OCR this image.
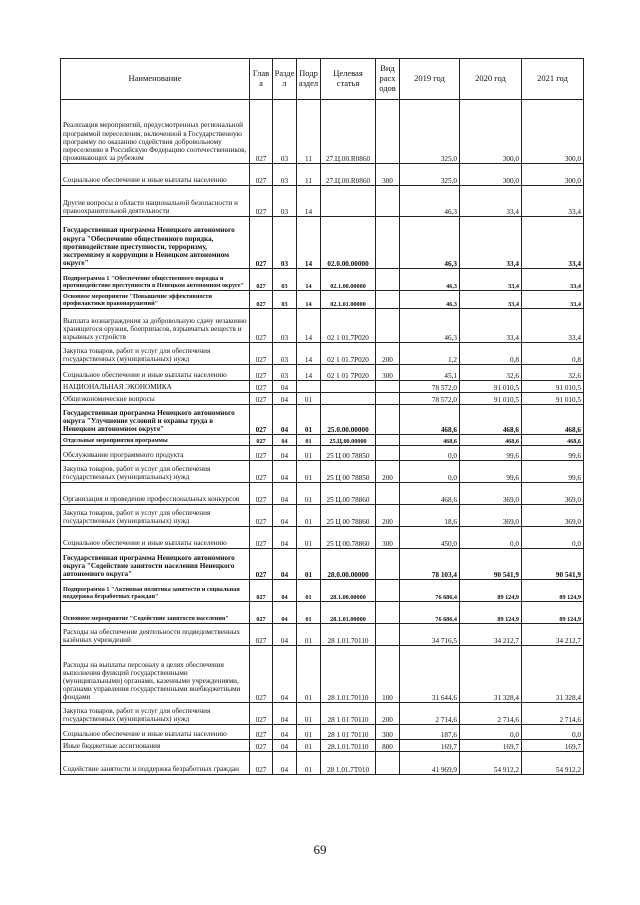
Наименование	Глав а	Разде л	Подр аздел	Целевая статья	Вид расх одов	2019 год	2020 год	2021 год
Реализация мероприятий, предусмотренных региональной программой переселения, включенной в Государственную программу по оказанию содействия добровольному переселению в Российскую Федерацию соотечественников, проживающих за рубежом	027	03	11	27.Ц.00.R0860		325,0	300,0	300,0
Социальное обеспечение и иные выплаты населению	027	03	11	27.Ц.00.R0860	300	325,0	300,0	300,0
Другие вопросы в области национальной безопасности и правоохранительной деятельности	027	03	14			46,3	33,4	33,4
Государственная программа Ненецкого автономного округа "Обеспечение общественного порядка, противодействие преступности, терроризму, экстремизму и коррупции в Ненецком автономном округе"	027	03	14	02.0.00.00000		46,3	33,4	33,4
Подпрограмма 1 "Обеспечение общественного порядка и противодействие преступности в Ненецком автономном округе"	027	03	14	02.1.00.00000		46,3	33,4	33,4
Основное мероприятие "Повышение эффективности профилактики правонарушений"	027	03	14	02.1.01.00000		46,3	33,4	33,4
Выплата вознаграждения за добровольную сдачу незаконно хранящегося оружия, боеприпасов, взрывчатых веществ и взрывных устройств	027	03	14	02 1 01.7Р020		46,3	33,4	33,4
Закупка товаров, работ и услуг для обеспечения государственных (муниципальных) нужд	027	03	14	02 1 01.7Р020	200	1,2	0,8	0,8
Социальное обеспечение и иные выплаты населению	027	03	14	02 1 01 7Р020	300	45,1	32,6	32,6
НАЦИОНАЛЬНАЯ ЭКОНОМИКА	027	04				78 572,0	91 010,5	91 010,5
Общеэкономические вопросы	027	04	01			78 572,0	91 010,5	91 010,5
Государственная программа Ненецкого автономного округа "Улучшение условий и охраны труда в Ненецком автономном округе"	027	04	01	25.0.00.00000		468,6	468,6	468,6
Отдельные мероприятия программы	027	04	01	25.Ц.00.00000		468,6	468,6	468,6
Обслуживание программного продукта	027	04	01	25 Ц 00 78850		0,0	99,6	99,6
Закупка товаров, работ и услуг для обеспечения государственных (муниципальных) нужд	027	04	01	25 Ц 00 78850	200	0,0	99,6	99,6
Организация и проведение профессиональных конкурсов	027	04	01	25 Ц.00 78860		468,6	369,0	369,0
Закупка товаров, работ и услуг для обеспечения государственных (муниципальных) нужд	027	04	01	25 Ц 00 78860	200	18,6	369,0	369,0
Социальное обеспечение и иные выплаты населению	027	04	01	25 Ц 00.78860	300	450,0	0,0	0,0
Государственная программа Ненецкого автономного округа "Содействие занятости населения Ненецкого автономного округа"	027	04	01	28.0.00.00000		78 103,4	90 541,9	90 541,9
Подпрограмма 1 "Активная политика занятости и социальная поддержка безработных граждан"	027	04	01	28.1.00.00000		76 686,4	89 124,9	89 124,9
Основное мероприятие "Содействие занятости населения"	027	04	01	28.1.01.00000		76 686,4	89 124,9	89 124,9
Расходы на обеспечение деятельности подведомственных казённых учреждений	027	04	01	28 1.01.70110		34 716,5	34 212,7	34 212,7
Расходы на выплаты персоналу в целях обеспечения выполнения функций государственными (муниципальными) органами, казенными учреждениями, органами управления государственными внебюджетными фондами	027	04	01	28 1.01.70110	100	31 644,6	31 328,4	31 328,4
Закупка товаров, работ и услуг для обеспечения государственных (муниципальных) нужд	027	04	01	28 1 01 70110	200	2 714,6	2 714,6	2 714,6
Социальное обеспечение и иные выплаты населению	027	04	01	28 1 01 70110	300	187,6	0,0	0,0
Иные бюджетные ассигнования	027	04	01	28.1.01.70110	800	169,7	169,7	169,7
Содействие занятости и поддержка безработных граждан	027	04	01	28 1.01.7Т010		41 969,9	54 912,2	54 912,2
69
